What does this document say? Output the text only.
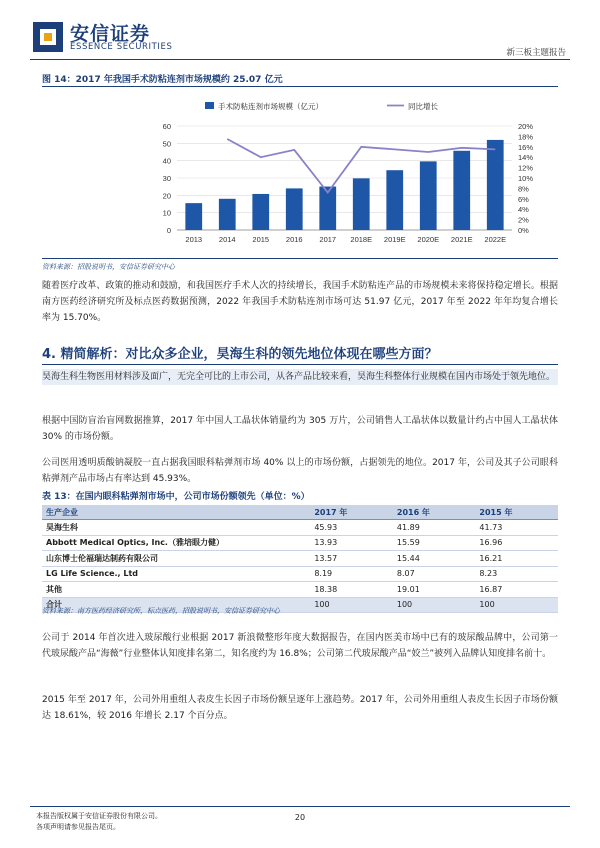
安信证券
ESSENCE SECURITIES
新三板主题报告
图 14：2017 年我国手术防粘连剂市场规模约 25.07 亿元
0
10
20
30
40
50
60
0%
2%
4%
6%
8%
10%
12%
14%
16%
18%
20%
2013 2014 2015 2016 2017 2018E 2019E 2020E 2021E 2022E
手术防粘连剂市场规模（亿元）	同比增长
资料来源：招股说明书，安信证券研究中心
随着医疗改革、政策的推动和鼓励，和我国医疗手术人次的持续增长，我国手术防粘连产品的市场规模未来将保持稳定增长。根据南方医药经济研究所及标点医药数据预测，2022 年我国手术防粘连剂市场可达 51.97 亿元，2017 年至 2022 年年均复合增长率为 15.70%。
4. 精简解析：对比众多企业，昊海生科的领先地位体现在哪些方面？
昊海生科生物医用材料涉及面广，无完全可比的上市公司，从各产品比较来看，昊海生科整体行业规模在国内市场处于领先地位。
根据中国防盲治盲网数据推算，2017 年中国人工晶状体销量约为 305 万片，公司销售人工晶状体以数量计约占中国人工晶状体 30% 的市场份额。
公司医用透明质酸钠凝胶一直占据我国眼科粘弹剂市场 40% 以上的市场份额，占据领先的地位。2017 年，公司及其子公司眼科粘弹剂产品市场占有率达到 45.93%。
表 13：在国内眼科粘弹剂市场中，公司市场份额领先（单位：%）
生产企业	2017 年	2016 年	2015 年
昊海生科	45.93	41.89	41.73
Abbott Medical Optics, Inc.（雅培眼力健）	13.93	15.59	16.96
山东博士伦福瑞达制药有限公司	13.57	15.44	16.21
LG Life Science., Ltd	8.19	8.07	8.23
其他	18.38	19.01	16.87
合计	100	100	100
资料来源：南方医药经济研究所，标点医药，招股说明书，安信证券研究中心
公司于 2014 年首次进入玻尿酸行业根据 2017 新浪微整形年度大数据报告，在国内医美市场中已有的玻尿酸品牌中，公司第一代玻尿酸产品“海薇”行业整体认知度排名第二，知名度约为 16.8%；公司第二代玻尿酸产品“姣兰”被列入品牌认知度排名前十。
2015 年至 2017 年，公司外用重组人表皮生长因子市场份额呈逐年上涨趋势。2017 年，公司外用重组人表皮生长因子市场份额达 18.61%，较 2016 年增长 2.17 个百分点。
本报告版权属于安信证券股份有限公司。
各项声明请参见报告尾页。
20
